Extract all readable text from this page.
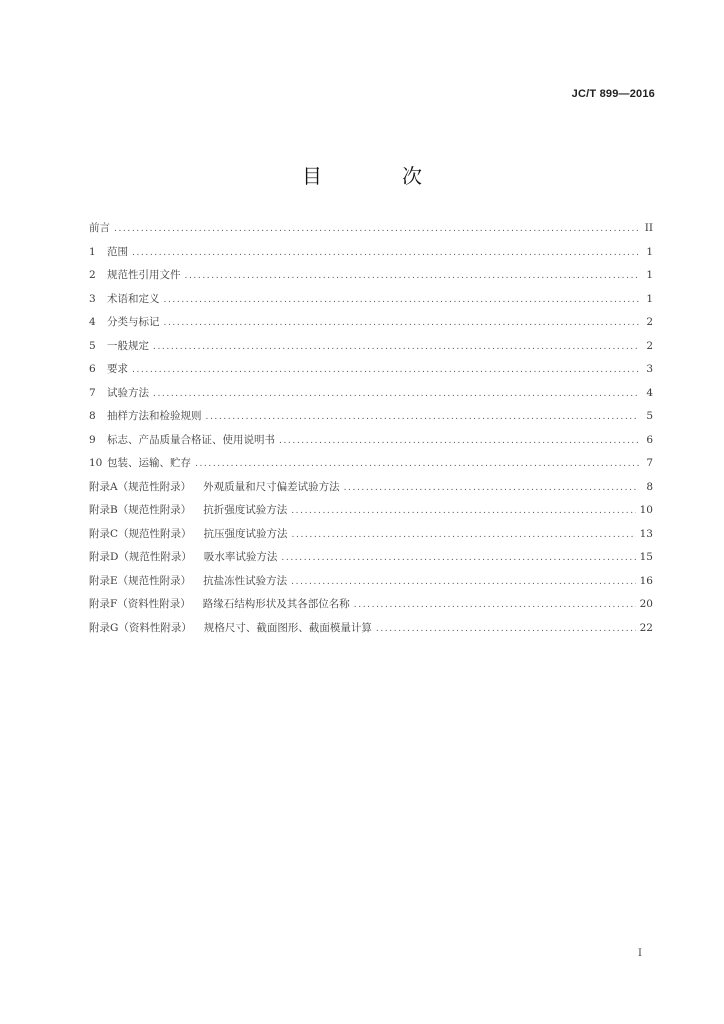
JC/T 899—2016
目　次
前言 .....	II
1	范围 .....	1
2	规范性引用文件 .....	1
3	术语和定义 .....	1
4	分类与标记 .....	2
5	一般规定 .....	2
6	要求 .....	3
7	试验方法 .....	4
8	抽样方法和检验规则 .....	5
9	标志、产品质量合格证、使用说明书 .....	6
10 包装、运输、贮存 .....	7
附录A （规范性附录） 外观质量和尺寸偏差试验方法 .....	8
附录B （规范性附录） 抗折强度试验方法 .....	10
附录C （规范性附录） 抗压强度试验方法 .....	13
附录D （规范性附录） 吸水率试验方法 .....	15
附录E （规范性附录） 抗盐冻性试验方法 .....	16
附录F （资料性附录） 路缘石结构形状及其各部位名称 .....	20
附录G （资料性附录） 规格尺寸、截面图形、截面模量计算 .....	22
I
